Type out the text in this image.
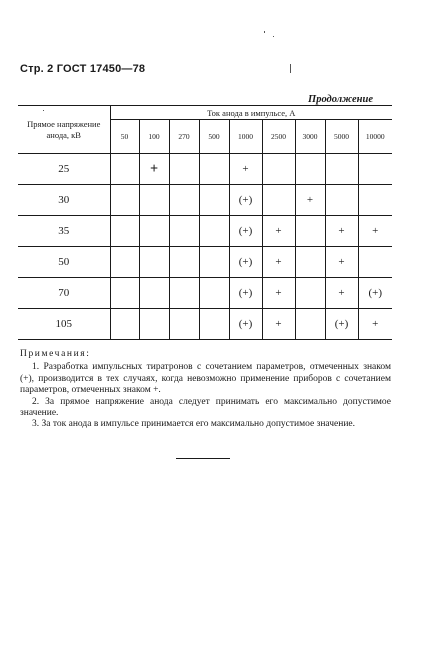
Стр. 2 ГОСТ 17450—78
Продолжение
Прямое напряжение анода, кВ	Ток анода в импульсе, А								
	50	100	270	500	1000	2500	3000	5000	10000
25		+			+				
30					(+)		+		
35					(+)	+		+	+
50					(+)	+		+	
70					(+)	+		+	(+)
105					(+)	+		(+)	+
Примечания:

1. Разработка импульсных тиратронов с сочетанием параметров, отмеченных знаком (+), производится в тех случаях, когда невозможно применение приборов с сочетанием параметров, отмеченных знаком +.

2. За прямое напряжение анода следует принимать его максимально допустимое значение.

3. За ток анода в импульсе принимается его максимально допустимое значение.
